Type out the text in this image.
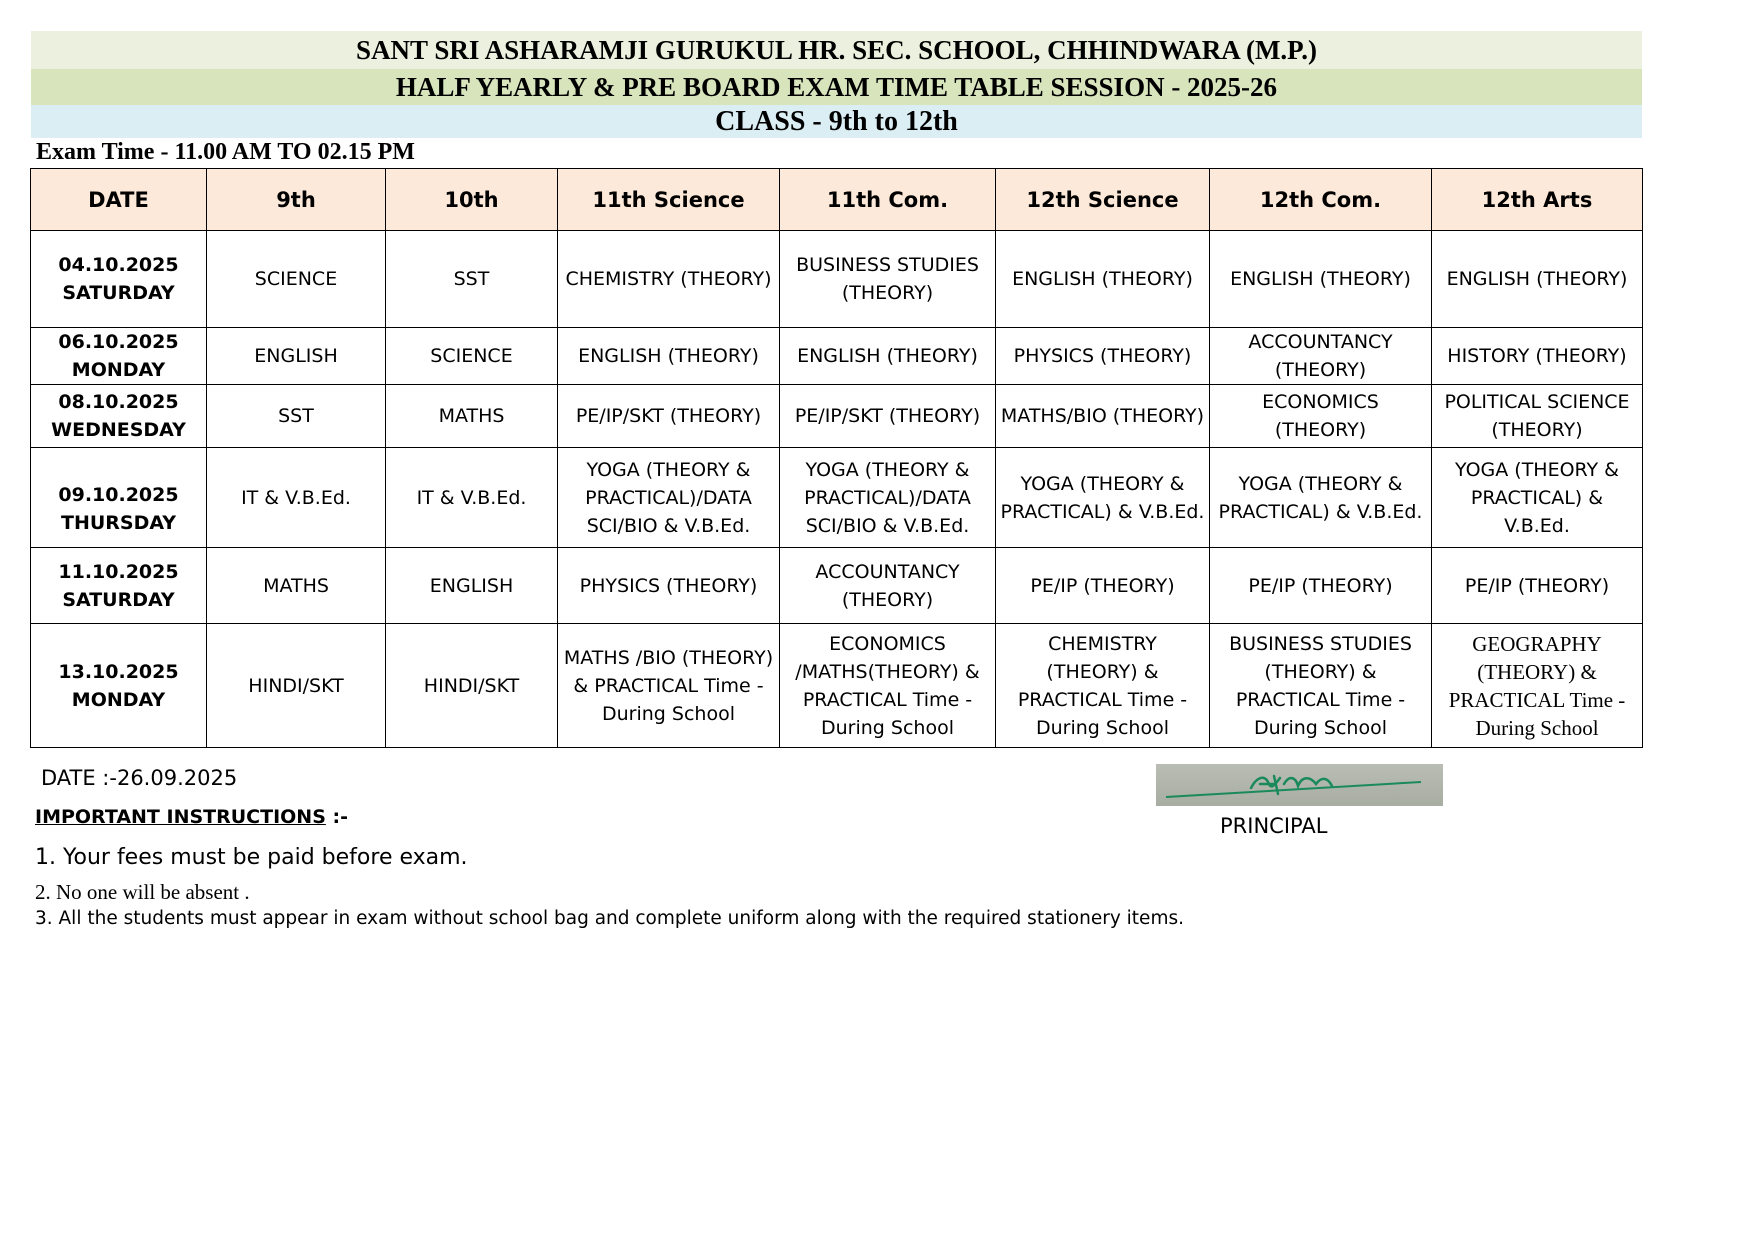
SANT SRI ASHARAMJI GURUKUL HR. SEC. SCHOOL, CHHINDWARA (M.P.)
HALF YEARLY & PRE BOARD EXAM TIME TABLE SESSION - 2025-26
CLASS - 9th to 12th
Exam Time - 11.00 AM TO 02.15 PM
DATE	9th	10th	11th Science	11th Com.	12th Science	12th Com.	12th Arts
04.10.2025
SATURDAY	SCIENCE	SST	CHEMISTRY (THEORY)	BUSINESS STUDIES (THEORY)	ENGLISH (THEORY)	ENGLISH (THEORY)	ENGLISH (THEORY)
06.10.2025
MONDAY	ENGLISH	SCIENCE	ENGLISH (THEORY)	ENGLISH (THEORY)	PHYSICS (THEORY)	ACCOUNTANCY (THEORY)	HISTORY (THEORY)
08.10.2025
WEDNESDAY	SST	MATHS	PE/IP/SKT (THEORY)	PE/IP/SKT (THEORY)	MATHS/BIO (THEORY)	ECONOMICS (THEORY)	POLITICAL SCIENCE (THEORY)
09.10.2025
THURSDAY	IT & V.B.Ed.	IT & V.B.Ed.	YOGA (THEORY & PRACTICAL)/DATA SCI/BIO & V.B.Ed.	YOGA (THEORY & PRACTICAL)/DATA SCI/BIO & V.B.Ed.	YOGA (THEORY & PRACTICAL) & V.B.Ed.	YOGA (THEORY & PRACTICAL) & V.B.Ed.	YOGA (THEORY & PRACTICAL) & V.B.Ed.
11.10.2025
SATURDAY	MATHS	ENGLISH	PHYSICS (THEORY)	ACCOUNTANCY (THEORY)	PE/IP (THEORY)	PE/IP (THEORY)	PE/IP (THEORY)
13.10.2025
MONDAY	HINDI/SKT	HINDI/SKT	MATHS /BIO (THEORY) & PRACTICAL Time - During School	ECONOMICS /MATHS(THEORY) & PRACTICAL Time - During School	CHEMISTRY (THEORY) & PRACTICAL Time - During School	BUSINESS STUDIES (THEORY) & PRACTICAL Time - During School	GEOGRAPHY (THEORY) & PRACTICAL Time - During School
DATE :-26.09.2025
IMPORTANT INSTRUCTIONS :-
1. Your fees must be paid before exam.
2. No one will be absent .
3. All the students must appear in exam without school bag and complete uniform along with the required stationery items.
PRINCIPAL
